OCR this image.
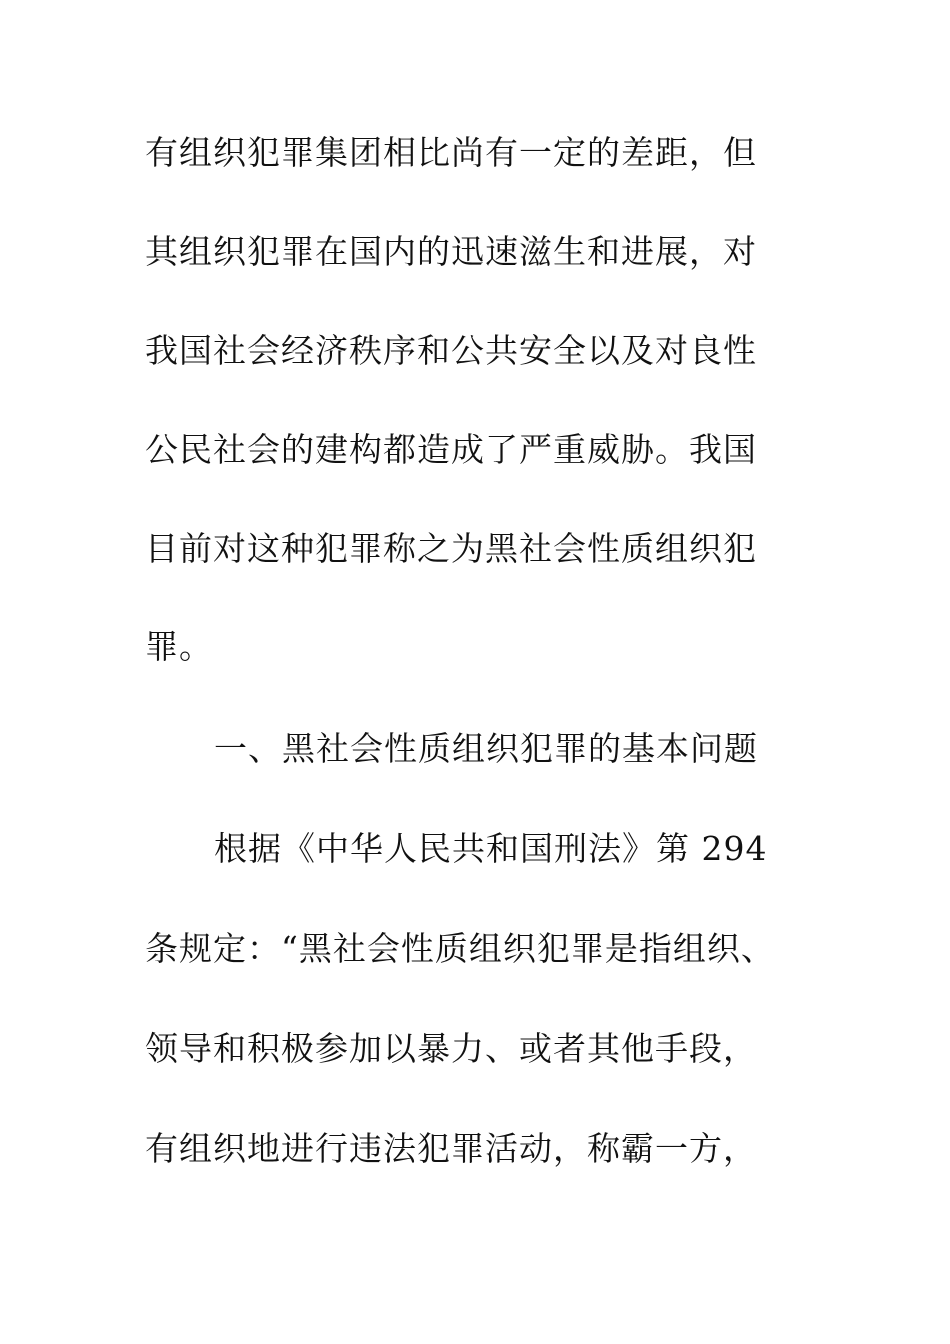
有组织犯罪集团相比尚有一定的差距，但

其组织犯罪在国内的迅速滋生和进展，对

我国社会经济秩序和公共安全以及对良性

公民社会的建构都造成了严重威胁。我国

目前对这种犯罪称之为黑社会性质组织犯

罪。

一、黑社会性质组织犯罪的基本问题

根据《中华人民共和国刑法》第 294

条规定：“黑社会性质组织犯罪是指组织、

领导和积极参加以暴力、或者其他手段，

有组织地进行违法犯罪活动，称霸一方，
